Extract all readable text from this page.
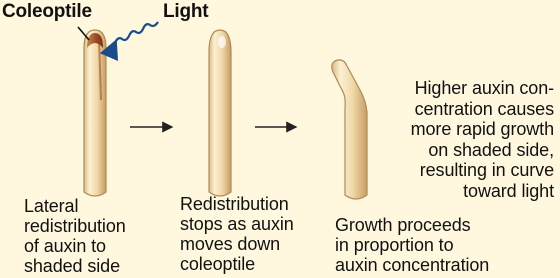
Coleoptile	Light
Lateral
redistribution
of auxin to
shaded side
Redistribution
stops as auxin
moves down
coleoptile
Growth proceeds
in proportion to
auxin concentration
Higher auxin con-
centration causes
more rapid growth
on shaded side,
resulting in curve
toward light
